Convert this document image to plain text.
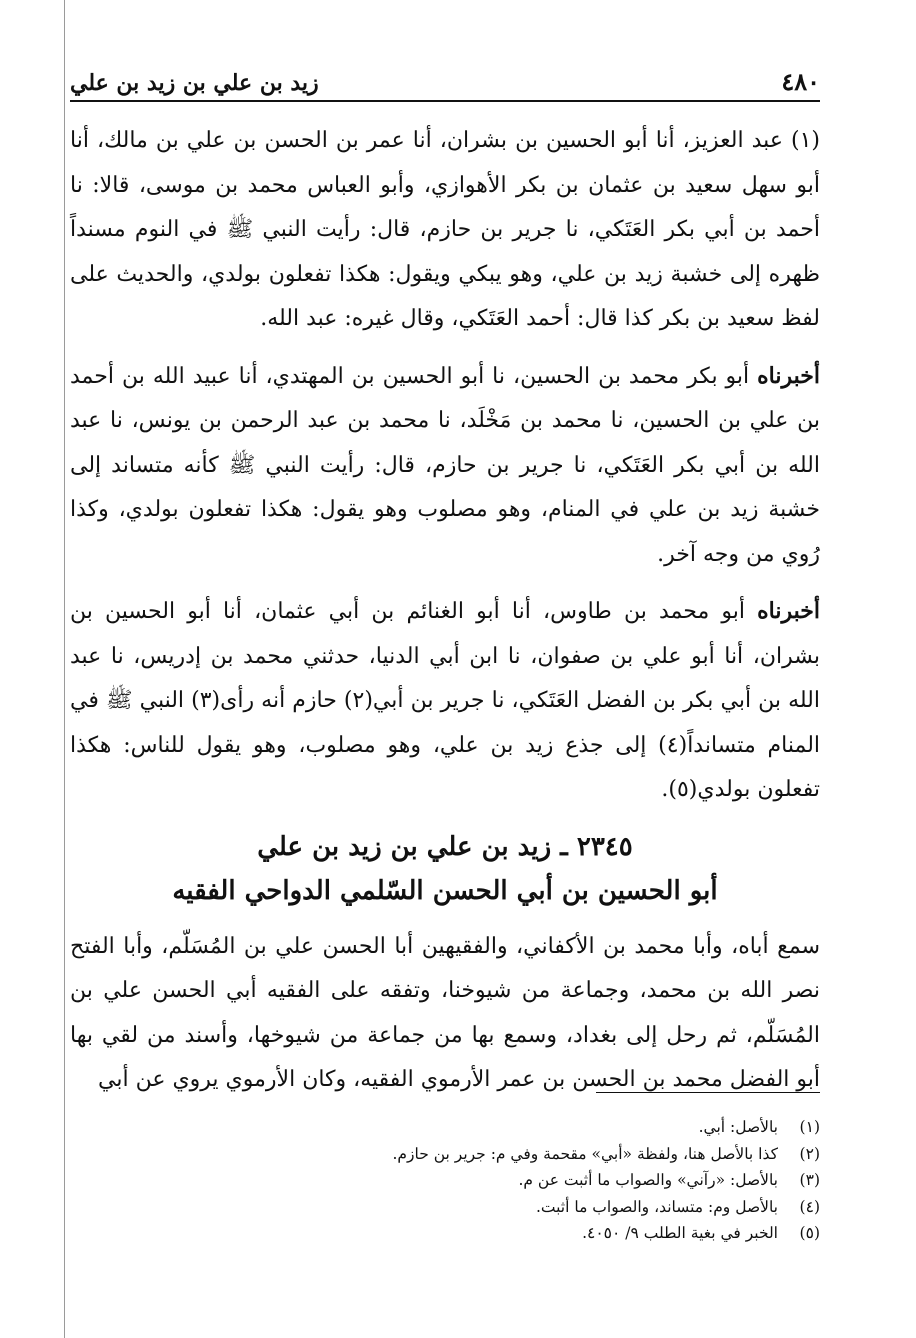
٤٨٠
زيد بن علي بن زيد بن علي

(١) عبد العزيز، أنا أبو الحسين بن بشران، أنا عمر بن الحسن بن علي بن مالك، أنا أبو سهل سعيد بن عثمان بن بكر الأهوازي، وأبو العباس محمد بن موسى، قالا: نا أحمد بن أبي بكر العَتَكي، نا جرير بن حازم، قال: رأيت النبي ﷺ في النوم مسنداً ظهره إلى خشبة زيد بن علي، وهو يبكي ويقول: هكذا تفعلون بولدي، والحديث على لفظ سعيد بن بكر كذا قال: أحمد العَتَكي، وقال غيره: عبد الله.

أخبرناه أبو بكر محمد بن الحسين، نا أبو الحسين بن المهتدي، أنا عبيد الله بن أحمد بن علي بن الحسين، نا محمد بن مَخْلَد، نا محمد بن عبد الرحمن بن يونس، نا عبد الله بن أبي بكر العَتَكي، نا جرير بن حازم، قال: رأيت النبي ﷺ كأنه متساند إلى خشبة زيد بن علي في المنام، وهو مصلوب وهو يقول: هكذا تفعلون بولدي، وكذا رُوي من وجه آخر.

أخبرناه أبو محمد بن طاوس، أنا أبو الغنائم بن أبي عثمان، أنا أبو الحسين بن بشران، أنا أبو علي بن صفوان، نا ابن أبي الدنيا، حدثني محمد بن إدريس، نا عبد الله بن أبي بكر بن الفضل العَتَكي، نا جرير بن أبي(٢) حازم أنه رأى(٣) النبي ﷺ في المنام متسانداً(٤) إلى جذع زيد بن علي، وهو مصلوب، وهو يقول للناس: هكذا تفعلون بولدي(٥).

٢٣٤٥ ـ زيد بن علي بن زيد بن علي

أبو الحسين بن أبي الحسن السّلمي الدواحي الفقيه

سمع أباه، وأبا محمد بن الأكفاني، والفقيهين أبا الحسن علي بن المُسَلّم، وأبا الفتح نصر الله بن محمد، وجماعة من شيوخنا، وتفقه على الفقيه أبي الحسن علي بن المُسَلّم، ثم رحل إلى بغداد، وسمع بها من جماعة من شيوخها، وأسند من لقي بها أبو الفضل محمد بن الحسن بن عمر الأرموي الفقيه، وكان الأرموي يروي عن أبي

(١)
بالأصل: أبي.
(٢)
كذا بالأصل هنا، ولفظة «أبي» مقحمة وفي م: جرير بن حازم.
(٣)
بالأصل: «رآني» والصواب ما أثبت عن م.
(٤)
بالأصل وم: متساند، والصواب ما أثبت.
(٥)
الخبر في بغية الطلب ٩/ ٤٠٥٠.
